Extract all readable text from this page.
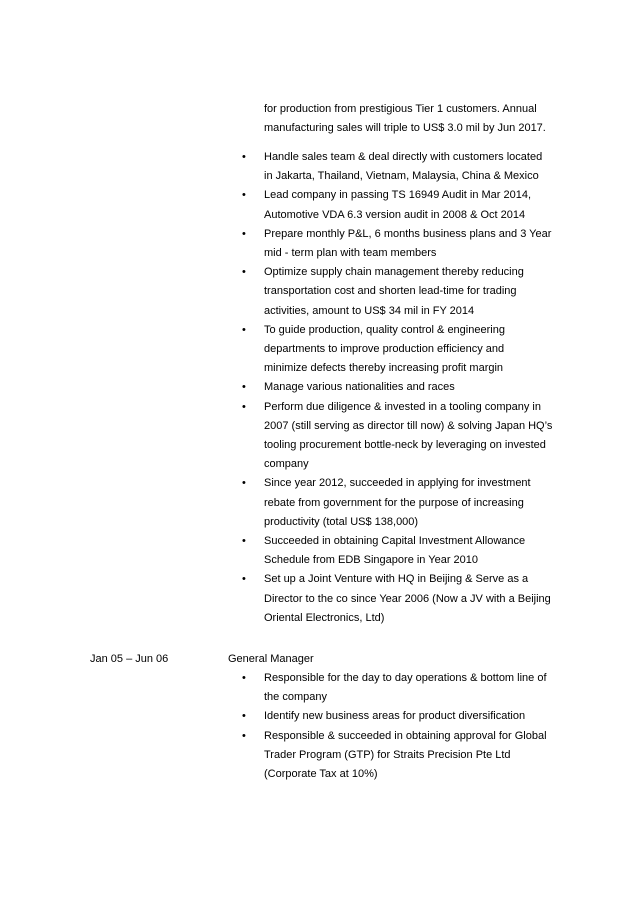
for production from prestigious Tier 1 customers. Annual
manufacturing sales will triple to US$ 3.0 mil by Jun 2017.
• Handle sales team & deal directly with customers located
in Jakarta, Thailand, Vietnam, Malaysia, China & Mexico
• Lead company in passing TS 16949 Audit in Mar 2014,
Automotive VDA 6.3 version audit in 2008 & Oct 2014
• Prepare monthly P&L, 6 months business plans and 3 Year
mid - term plan with team members
• Optimize supply chain management thereby reducing
transportation cost and shorten lead-time for trading
activities, amount to US$ 34 mil in FY 2014
• To guide production, quality control & engineering
departments to improve production efficiency and
minimize defects thereby increasing profit margin
• Manage various nationalities and races
• Perform due diligence & invested in a tooling company in
2007 (still serving as director till now) & solving Japan HQ’s
tooling procurement bottle-neck by leveraging on invested
company
• Since year 2012, succeeded in applying for investment
rebate from government for the purpose of increasing
productivity (total US$ 138,000)
• Succeeded in obtaining Capital Investment Allowance
Schedule from EDB Singapore in Year 2010
• Set up a Joint Venture with HQ in Beijing & Serve as a
Director to the co since Year 2006 (Now a JV with a Beijing
Oriental Electronics, Ltd)
Jan 05 – Jun 06	General Manager
• Responsible for the day to day operations & bottom line of
the company
• Identify new business areas for product diversification
• Responsible & succeeded in obtaining approval for Global
Trader Program (GTP) for Straits Precision Pte Ltd
(Corporate Tax at 10%)
